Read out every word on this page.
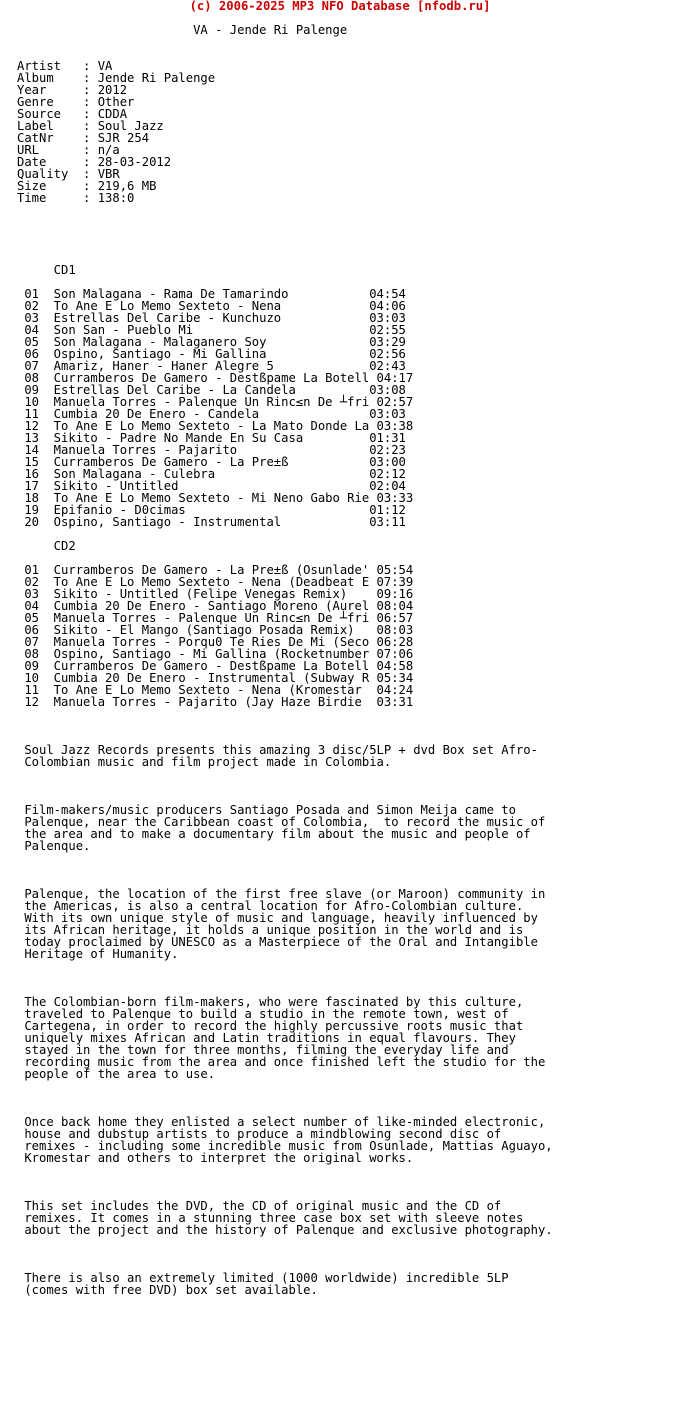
(c) 2006-2025 MP3 NFO Database [nfodb.ru]
VA - Jende Ri Palenge

Artist   : VA
Album    : Jende Ri Palenge
Year     : 2012
Genre    : Other
Source   : CDDA
Label    : Soul Jazz
CatNr    : SJR 254
URL      : n/a
Date     : 28-03-2012
Quality  : VBR
Size     : 219,6 MB
Time     : 138:0

CD1

01  Son Malagana - Rama De Tamarindo           04:54
02  To Ane E Lo Memo Sexteto - Nena            04:06
03  Estrellas Del Caribe - Kunchuzo            03:03
04  Son San - Pueblo Mi                        02:55
05  Son Malagana - Malaganero Soy              03:29
06  Ospino, Santiago - Mi Gallina              02:56
07  Amariz, Haner - Haner Alegre 5             02:43
08  Curramberos De Gamero - Destßpame La Botell 04:17
09  Estrellas Del Caribe - La Candela          03:08
10  Manuela Torres - Palenque Un Rinc≤n De ┴fri 02:57
11  Cumbia 20 De Enero - Candela               03:03
12  To Ane E Lo Memo Sexteto - La Mato Donde La 03:38
13  Sikito - Padre No Mande En Su Casa         01:31
14  Manuela Torres - Pajarito                  02:23
15  Curramberos De Gamero - La Pre±ß           03:00
16  Son Malagana - Culebra                     02:12
17  Sikito - Untitled                          02:04
18  To Ane E Lo Memo Sexteto - Mi Neno Gabo Rie 03:33
19  Epifanio - D0cimas                         01:12
20  Ospino, Santiago - Instrumental            03:11

CD2

01  Curramberos De Gamero - La Pre±ß (Osunlade' 05:54
02  To Ane E Lo Memo Sexteto - Nena (Deadbeat E 07:39
03  Sikito - Untitled (Felipe Venegas Remix)    09:16
04  Cumbia 20 De Enero - Santiago Moreno (Aurel 08:04
05  Manuela Torres - Palenque Un Rinc≤n De ┴fri 06:57
06  Sikito - El Mango (Santiago Posada Remix)   08:03
07  Manuela Torres - Porqu0 Te Ries De Mi (Seco 06:28
08  Ospino, Santiago - Mi Gallina (Rocketnumber 07:06
09  Curramberos De Gamero - Destßpame La Botell 04:58
10  Cumbia 20 De Enero - Instrumental (Subway R 05:34
11  To Ane E Lo Memo Sexteto - Nena (Kromestar  04:24
12  Manuela Torres - Pajarito (Jay Haze Birdie  03:31

Soul Jazz Records presents this amazing 3 disc/5LP + dvd Box set Afro-
Colombian music and film project made in Colombia.

Film-makers/music producers Santiago Posada and Simon Meija came to
Palenque, near the Caribbean coast of Colombia,  to record the music of
the area and to make a documentary film about the music and people of
Palenque.

Palenque, the location of the first free slave (or Maroon) community in
the Americas, is also a central location for Afro-Colombian culture.
With its own unique style of music and language, heavily influenced by
its African heritage, it holds a unique position in the world and is
today proclaimed by UNESCO as a Masterpiece of the Oral and Intangible
Heritage of Humanity.

The Colombian-born film-makers, who were fascinated by this culture,
traveled to Palenque to build a studio in the remote town, west of
Cartegena, in order to record the highly percussive roots music that
uniquely mixes African and Latin traditions in equal flavours. They
stayed in the town for three months, filming the everyday life and
recording music from the area and once finished left the studio for the
people of the area to use.

Once back home they enlisted a select number of like-minded electronic,
house and dubstup artists to produce a mindblowing second disc of
remixes - including some incredible music from Osunlade, Mattias Aguayo,
Kromestar and others to interpret the original works.

This set includes the DVD, the CD of original music and the CD of
remixes. It comes in a stunning three case box set with sleeve notes
about the project and the history of Palenque and exclusive photography.

There is also an extremely limited (1000 worldwide) incredible 5LP
(comes with free DVD) box set available.
